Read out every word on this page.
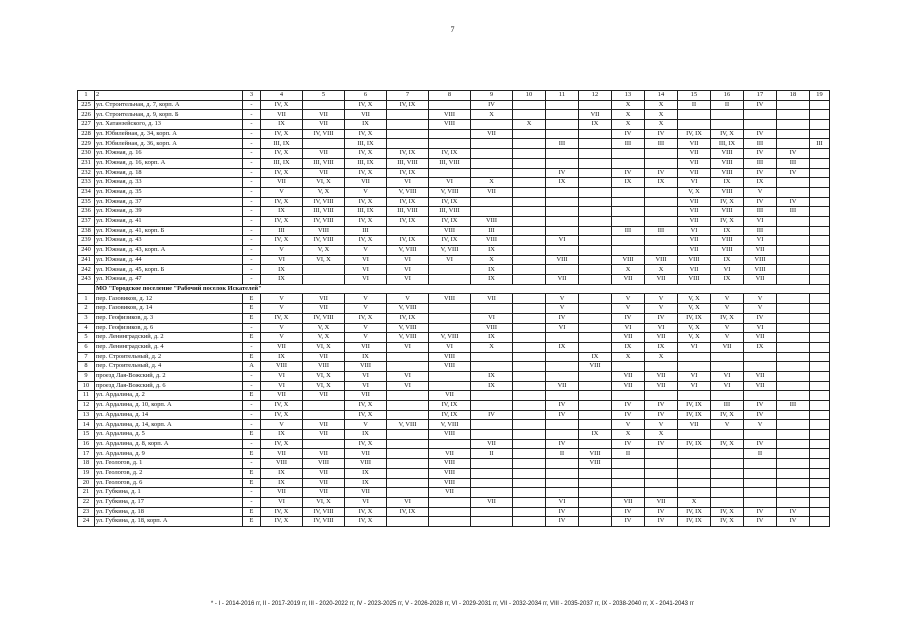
7
1	2	3	4	5	6	7	8	9	10	11	12	13	14	15	16	17	18	19
225	ул. Строительная, д. 7, корп. А	-	IV, X		IV, X	IV, IX		IV				X	X	II	II	IV		
226	ул. Строительная, д. 9, корп. Б	-	VII	VII	VII		VIII	X			VII	X	X					
227	ул. Хатанзейского, д. 13	-	IX	VII	IX		VIII		X		IX	X	X					
228	ул. Юбилейная, д. 34, корп. А	-	IV, X	IV, VIII	IV, X			VII				IV	IV	IV, IX	IV, X	IV		
229	ул. Юбилейная, д. 36, корп. А	-	III, IX		III, IX					III		III	III	VII	III, IX	III		III
230	ул. Южная, д. 16	-	IV, X	VII	IV, X	IV, IX	IV, IX							VII	VIII	IV	IV	
231	ул. Южная, д. 16, корп. А	-	III, IX	III, VIII	III, IX	III, VIII	III, VIII							VII	VIII	III	III	
232	ул. Южная, д. 18	-	IV, X	VII	IV, X	IV, IX				IV		IV	IV	VII	VIII	IV	IV	
233	ул. Южная, д. 33	-	VII	VI, X	VII	VI	VI	X		IX		IX	IX	VI	IX	IX		
234	ул. Южная, д. 35	-	V	V, X	V	V, VIII	V, VIII	VII						V, X	VIII	V		
235	ул. Южная, д. 37	-	IV, X	IV, VIII	IV, X	IV, IX	IV, IX							VII	IV, X	IV	IV	
236	ул. Южная, д. 39	-	IX	III, VIII	III, IX	III, VIII	III, VIII							VII	VIII	III	III	
237	ул. Южная, д. 41	-	IV, X	IV, VIII	IV, X	IV, IX	IV, IX	VIII						VII	IV, X	VI		
238	ул. Южная, д. 41, корп. Б	-	III	VIII	III		VIII	III				III	III	VI	IX	III		
239	ул. Южная, д. 43	-	IV, X	IV, VIII	IV, X	IV, IX	IV, IX	VIII		VI				VII	VIII	VI		
240	ул. Южная, д. 43, корп. А	-	V	V, X	V	V, VIII	V, VIII	IX						VII	VIII	VII		
241	ул. Южная, д. 44	-	VI	VI, X	VI	VI	VI	X		VIII		VIII	VIII	VIII	IX	VIII		
242	ул. Южная, д. 45, корп. Б	-	IX		VI	VI		IX				X	X	VII	VI	VIII		
243	ул. Южная, д. 47	-	IX		VI	VI		IX		VII		VII	VII	VIII	IX	VII		
	МО "Городское поселение "Рабочий поселок Искателей"																	
1	пер. Газовиков, д. 12	Е	V	VII	V	V	VIII	VII		V		V	V	V, X	V	V		
2	пер. Газовиков, д. 14	Е	V	VII	V	V, VIII				V		V	V	V, X	V	V		
3	пер. Геофизиков, д. 3	Е	IV, X	IV, VIII	IV, X	IV, IX		VI		IV		IV	IV	IV, IX	IV, X	IV		
4	пер. Геофизиков, д. 6	-	V	V, X	V	V, VIII		VIII		VI		VI	VI	V, X	V	VI		
5	пер. Ленинградский, д. 2	Е	V	V, X	V	V, VIII	V, VIII	IX				VII	VII	V, X	V	VII		
6	пер. Ленинградский, д. 4	-	VII	VI, X	VII	VI	VI	X		IX		IX	IX	VI	VII	IX		
7	пер. Строительный, д. 2	Е	IX	VII	IX		VIII				IX	X	X					
8	пер. Строительный, д. 4	А	VIII	VIII	VIII		VIII				VIII							
9	проезд Лая-Вожский, д. 2	-	VI	VI, X	VI	VI		IX				VII	VII	VI	VI	VII		
10	проезд Лая-Вожский, д. 6	-	VI	VI, X	VI	VI		IX		VII		VII	VII	VI	VI	VII		
11	ул. Ардалина, д. 2	Е	VII	VII	VII		VII											
12	ул. Ардалина, д. 10, корп. А	-	IV, X		IV, X		IV, IX			IV		IV	IV	IV, IX	III	IV	III	
13	ул. Ардалина, д. 14	-	IV, X		IV, X		IV, IX	IV		IV		IV	IV	IV, IX	IV, X	IV		
14	ул. Ардалина, д. 14, корп. А	-	V	VII	V	V, VIII	V, VIII					V	V	VII	V	V		
15	ул. Ардалина, д. 5	Е	IX	VII	IX		VIII				IX	X	X					
16	ул. Ардалина, д. 8, корп. А	-	IV, X		IV, X			VII		IV		IV	IV	IV, IX	IV, X	IV		
17	ул. Ардалина, д. 9	Е	VII	VII	VII		VII	II		II	VIII	II				II		
18	ул. Геологов, д. 1	-	VIII	VIII	VIII		VIII				VIII							
19	ул. Геологов, д. 2	Е	IX	VII	IX		VIII											
20	ул. Геологов, д. 6	Е	IX	VII	IX		VIII											
21	ул. Губкина, д. 1	-	VII	VII	VII		VII											
22	ул. Губкина, д. 17	-	VI	VI, X	VI	VI		VII		VI		VII	VII	X				
23	ул. Губкина, д. 18	Е	IV, X	IV, VIII	IV, X	IV, IX				IV		IV	IV	IV, IX	IV, X	IV	IV	
24	ул. Губкина, д. 18, корп. А	Е	IV, X	IV, VIII	IV, X					IV		IV	IV	IV, IX	IV, X	IV	IV	
* - I - 2014-2016 гг, II - 2017-2019 гг, III - 2020-2022 гг, IV - 2023-2025 гг, V - 2026-2028 гг, VI - 2029-2031 гг, VII - 2032-2034 гг, VIII - 2035-2037 гг, IX - 2038-2040 гг, X - 2041-2043 гг
